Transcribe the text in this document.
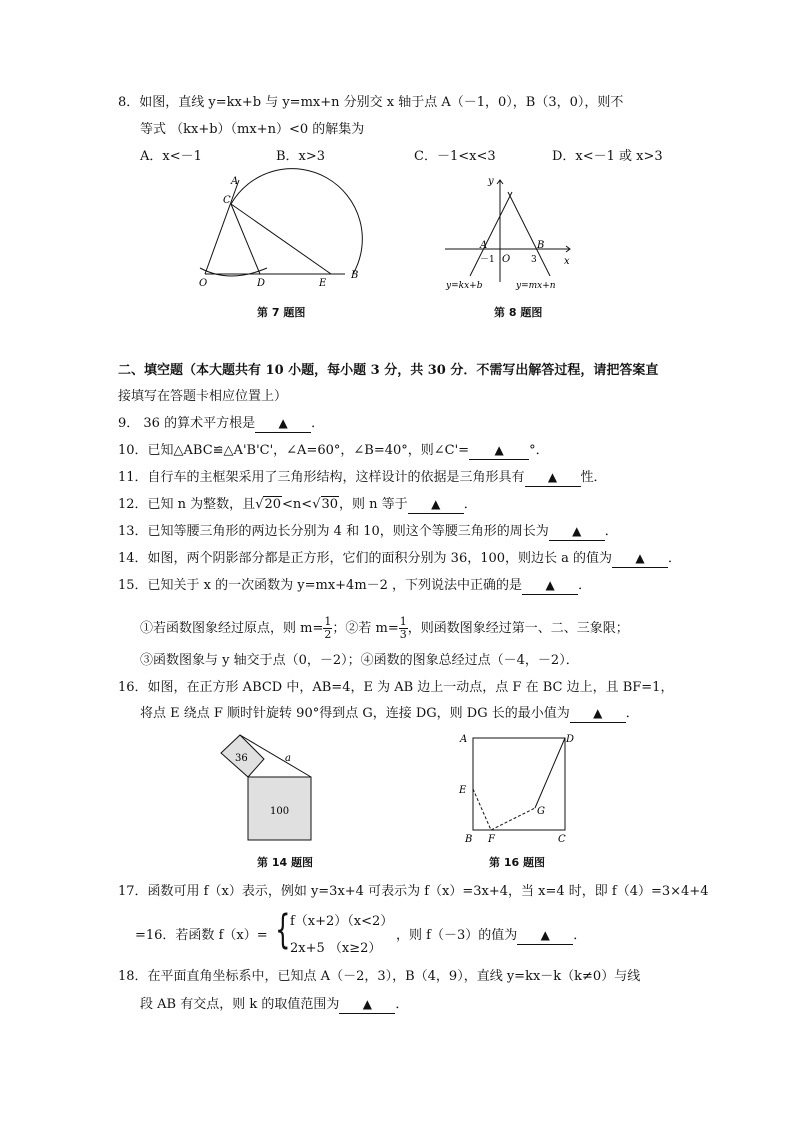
8．如图，直线 y=kx+b 与 y=mx+n 分别交 x 轴于点 A（－1，0），B（3，0），则不
等式 （kx+b）（mx+n）<0 的解集为
A．x<－1	B．x>3	C．－1<x<3	D．x<－1 或 x>3
A
C
O	D	E
B
第 7 题图
y
x
A	B
－1 O 3
y=kx+b	y=mx+n
第 8 题图
二、填空题（本大题共有 10 小题，每小题 3 分，共 30 分．不需写出解答过程，请把答案直
接填写在答题卡相应位置上）
9． 36 的算术平方根是 ▲ ．
10．已知△ABC≌△A'B'C'，∠A=60°，∠B=40°，则∠C'= ▲ °．
11．自行车的主框架采用了三角形结构，这样设计的依据是三角形具有 ▲ 性．
12．已知 n 为整数，且√20<n<√30，则 n 等于 ▲ ．
13．已知等腰三角形的两边长分别为 4 和 10，则这个等腰三角形的周长为 ▲ ．
14．如图，两个阴影部分都是正方形，它们的面积分别为 36，100，则边长 a 的值为 ▲ ．
15．已知关于 x 的一次函数为 y=mx+4m－2 ，下列说法中正确的是 ▲ ．
①若函数图象经过原点，则 $m= \frac{1}{2}$ ；②若 $m= \frac{1}{3}$ ，则函数图象经过第一、二、三象限；
③函数图象与 y 轴交于点（0，－2）；④函数的图象总经过点（－4，－2）．
16．如图，在正方形 ABCD 中，AB=4，E 为 AB 边上一动点，点 F 在 BC 边上，且 BF=1，
将点 E 绕点 F 顺时针旋转 90°得到点 G，连接 DG，则 DG 长的最小值为 ▲ ．
36
100
a
第 14 题图
A	D
E
G
B F	C
第 16 题图
17．函数可用 f（x）表示，例如 y=3x+4 可表示为 f（x）=3x+4，当 x=4 时，即 f（4）=3×4+4
=16．若函数 f（x）= { f（x+2）（x<2）
2x+5 （x≥2）
，则 f（－3）的值为 ▲ ．
18．在平面直角坐标系中，已知点 A（－2，3），B（4，9），直线 y=kx－k（k≠0）与线
段 AB 有交点，则 k 的取值范围为 ▲ ．
